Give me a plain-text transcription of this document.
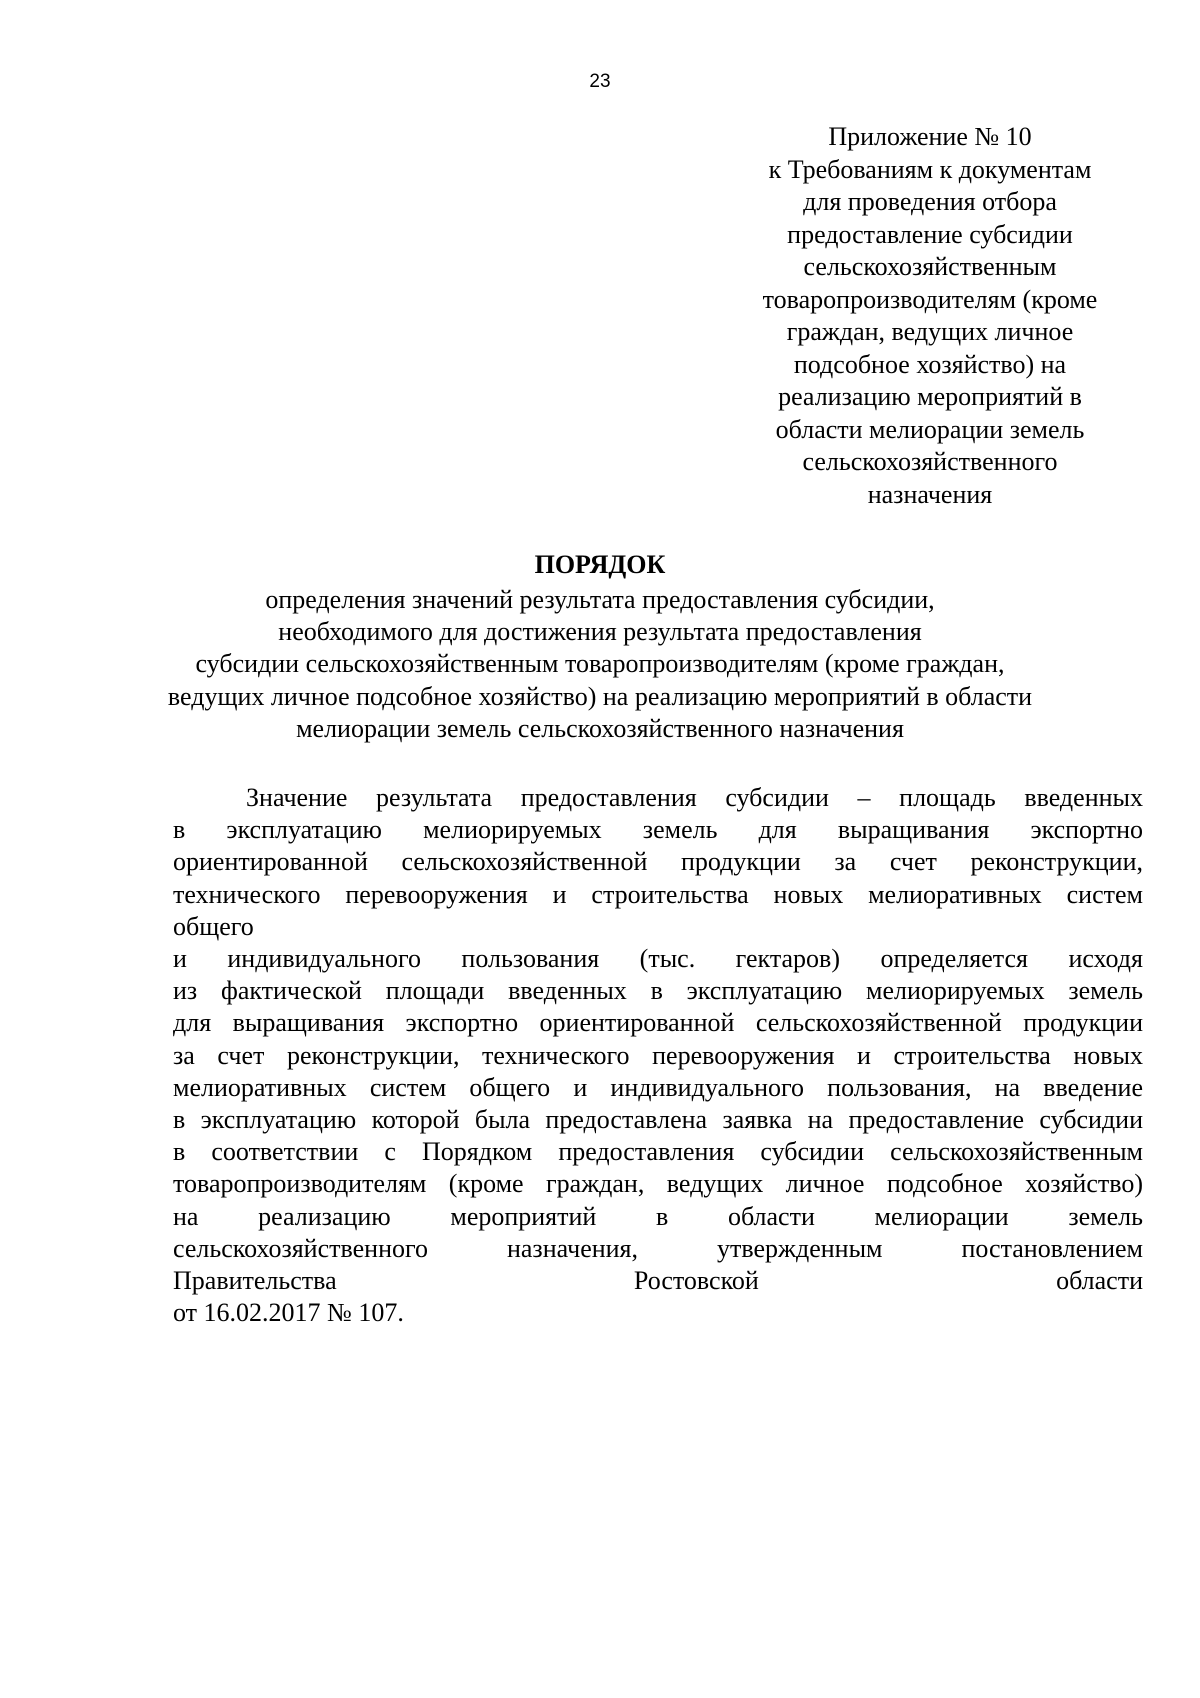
23
Приложение № 10
к Требованиям к документам
для проведения отбора
предоставление субсидии
сельскохозяйственным
товаропроизводителям (кроме
граждан, ведущих личное
подсобное хозяйство) на
реализацию мероприятий в
области мелиорации земель
сельскохозяйственного
назначения
ПОРЯДОК
определения значений результата предоставления субсидии,
необходимого для достижения результата предоставления
субсидии сельскохозяйственным товаропроизводителям (кроме граждан,
ведущих личное подсобное хозяйство) на реализацию мероприятий в области
мелиорации земель сельскохозяйственного назначения
Значение результата предоставления субсидии – площадь введенных
в эксплуатацию мелиорируемых земель для выращивания экспортно
ориентированной сельскохозяйственной продукции за счет реконструкции,
технического перевооружения и строительства новых мелиоративных систем
общего
и индивидуального пользования (тыс. гектаров) определяется исходя
из фактической площади введенных в эксплуатацию мелиорируемых земель
для выращивания экспортно ориентированной сельскохозяйственной продукции
за счет реконструкции, технического перевооружения и строительства новых
мелиоративных систем общего и индивидуального пользования, на введение
в эксплуатацию которой была предоставлена заявка на предоставление субсидии
в соответствии с Порядком предоставления субсидии сельскохозяйственным
товаропроизводителям (кроме граждан, ведущих личное подсобное хозяйство)
на реализацию мероприятий в области мелиорации земель
сельскохозяйственного назначения, утвержденным постановлением
Правительства	Ростовской	области
от 16.02.2017 № 107.
